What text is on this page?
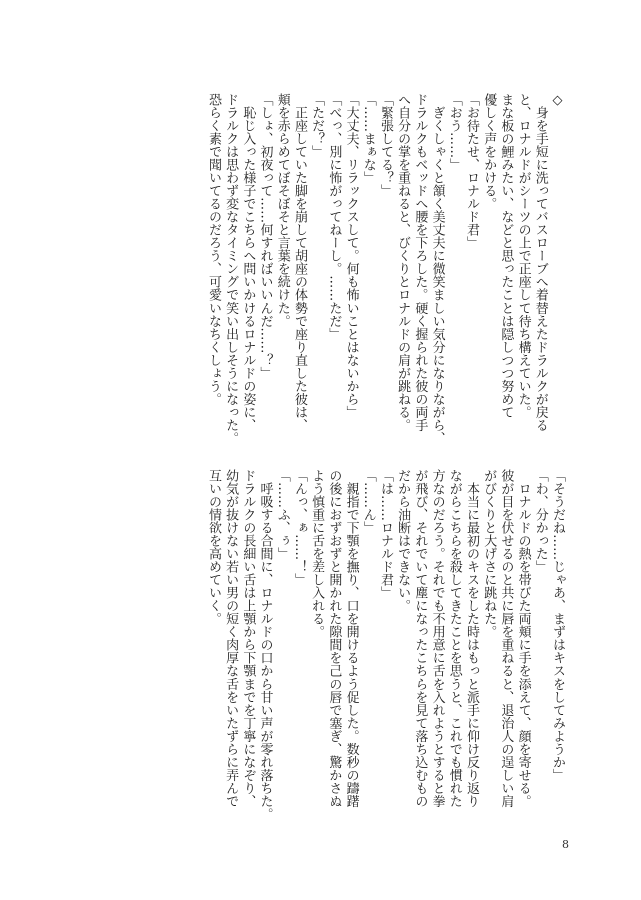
◇
　身を手短に洗ってバスローブへ着替えたドラルクが戻る
と、ロナルドがシーツの上で正座して待ち構えていた。
まな板の鯉みたい、などと思ったことは隠しつつ努めて
優しく声をかける。
「お待たせ、ロナルド君」
「おう……」
　ぎくしゃくと頷く美丈夫に微笑ましい気分になりながら、
ドラルクもベッドへ腰を下ろした。硬く握られた彼の両手
へ自分の掌を重ねると、びくりとロナルドの肩が跳ねる。
「緊張してる？」
「……まぁな」
「大丈夫、リラックスして。何も怖いことはないから」
「べっ、別に怖がってねーし。……ただ」
「ただ？」
　正座していた脚を崩して胡座の体勢で座り直した彼は、
頬を赤らめてぼそぼそと言葉を続けた。
「しょ、初夜って……何すればいいんだ……？」
　恥じ入った様子でこちらへ問いかけるロナルドの姿に、
ドラルクは思わず変なタイミングで笑い出しそうになった。
恐らく素で聞いてるのだろう、可愛いなちくしょう。
「そうだね……じゃあ、まずはキスをしてみようか」
「わ、分かった」
　ロナルドの熱を帯びた両頬に手を添えて、顔を寄せる。
彼が目を伏せるのと共に唇を重ねると、退治人の逞しい肩
がびくりと大げさに跳ねた。
　本当に最初のキスをした時はもっと派手に仰け反り返り
ながらこちらを殺してきたことを思うと、これでも慣れた
方なのだろう。それでも不用意に舌を入れようとすると拳
が飛び、それでいて塵になったこちらを見て落ち込むもの
だから油断はできない。
「は……ロナルド君」
「……ん」
　親指で下顎を撫り、口を開けるよう促した。数秒の躊躇
の後におずおずと開かれた隙間を己の唇で塞ぎ、驚かさぬ
よう慎重に舌を差し入れる。
「んっ、ぁ……！」
「……ふ、ぅ」
　呼吸する合間に、ロナルドの口から甘い声が零れ落ちた。
ドラルクの長細い舌は上顎から下顎までを丁寧になぞり、
幼気が抜けない若い男の短く肉厚な舌をいたずらに弄んで
互いの情欲を高めていく。
8
